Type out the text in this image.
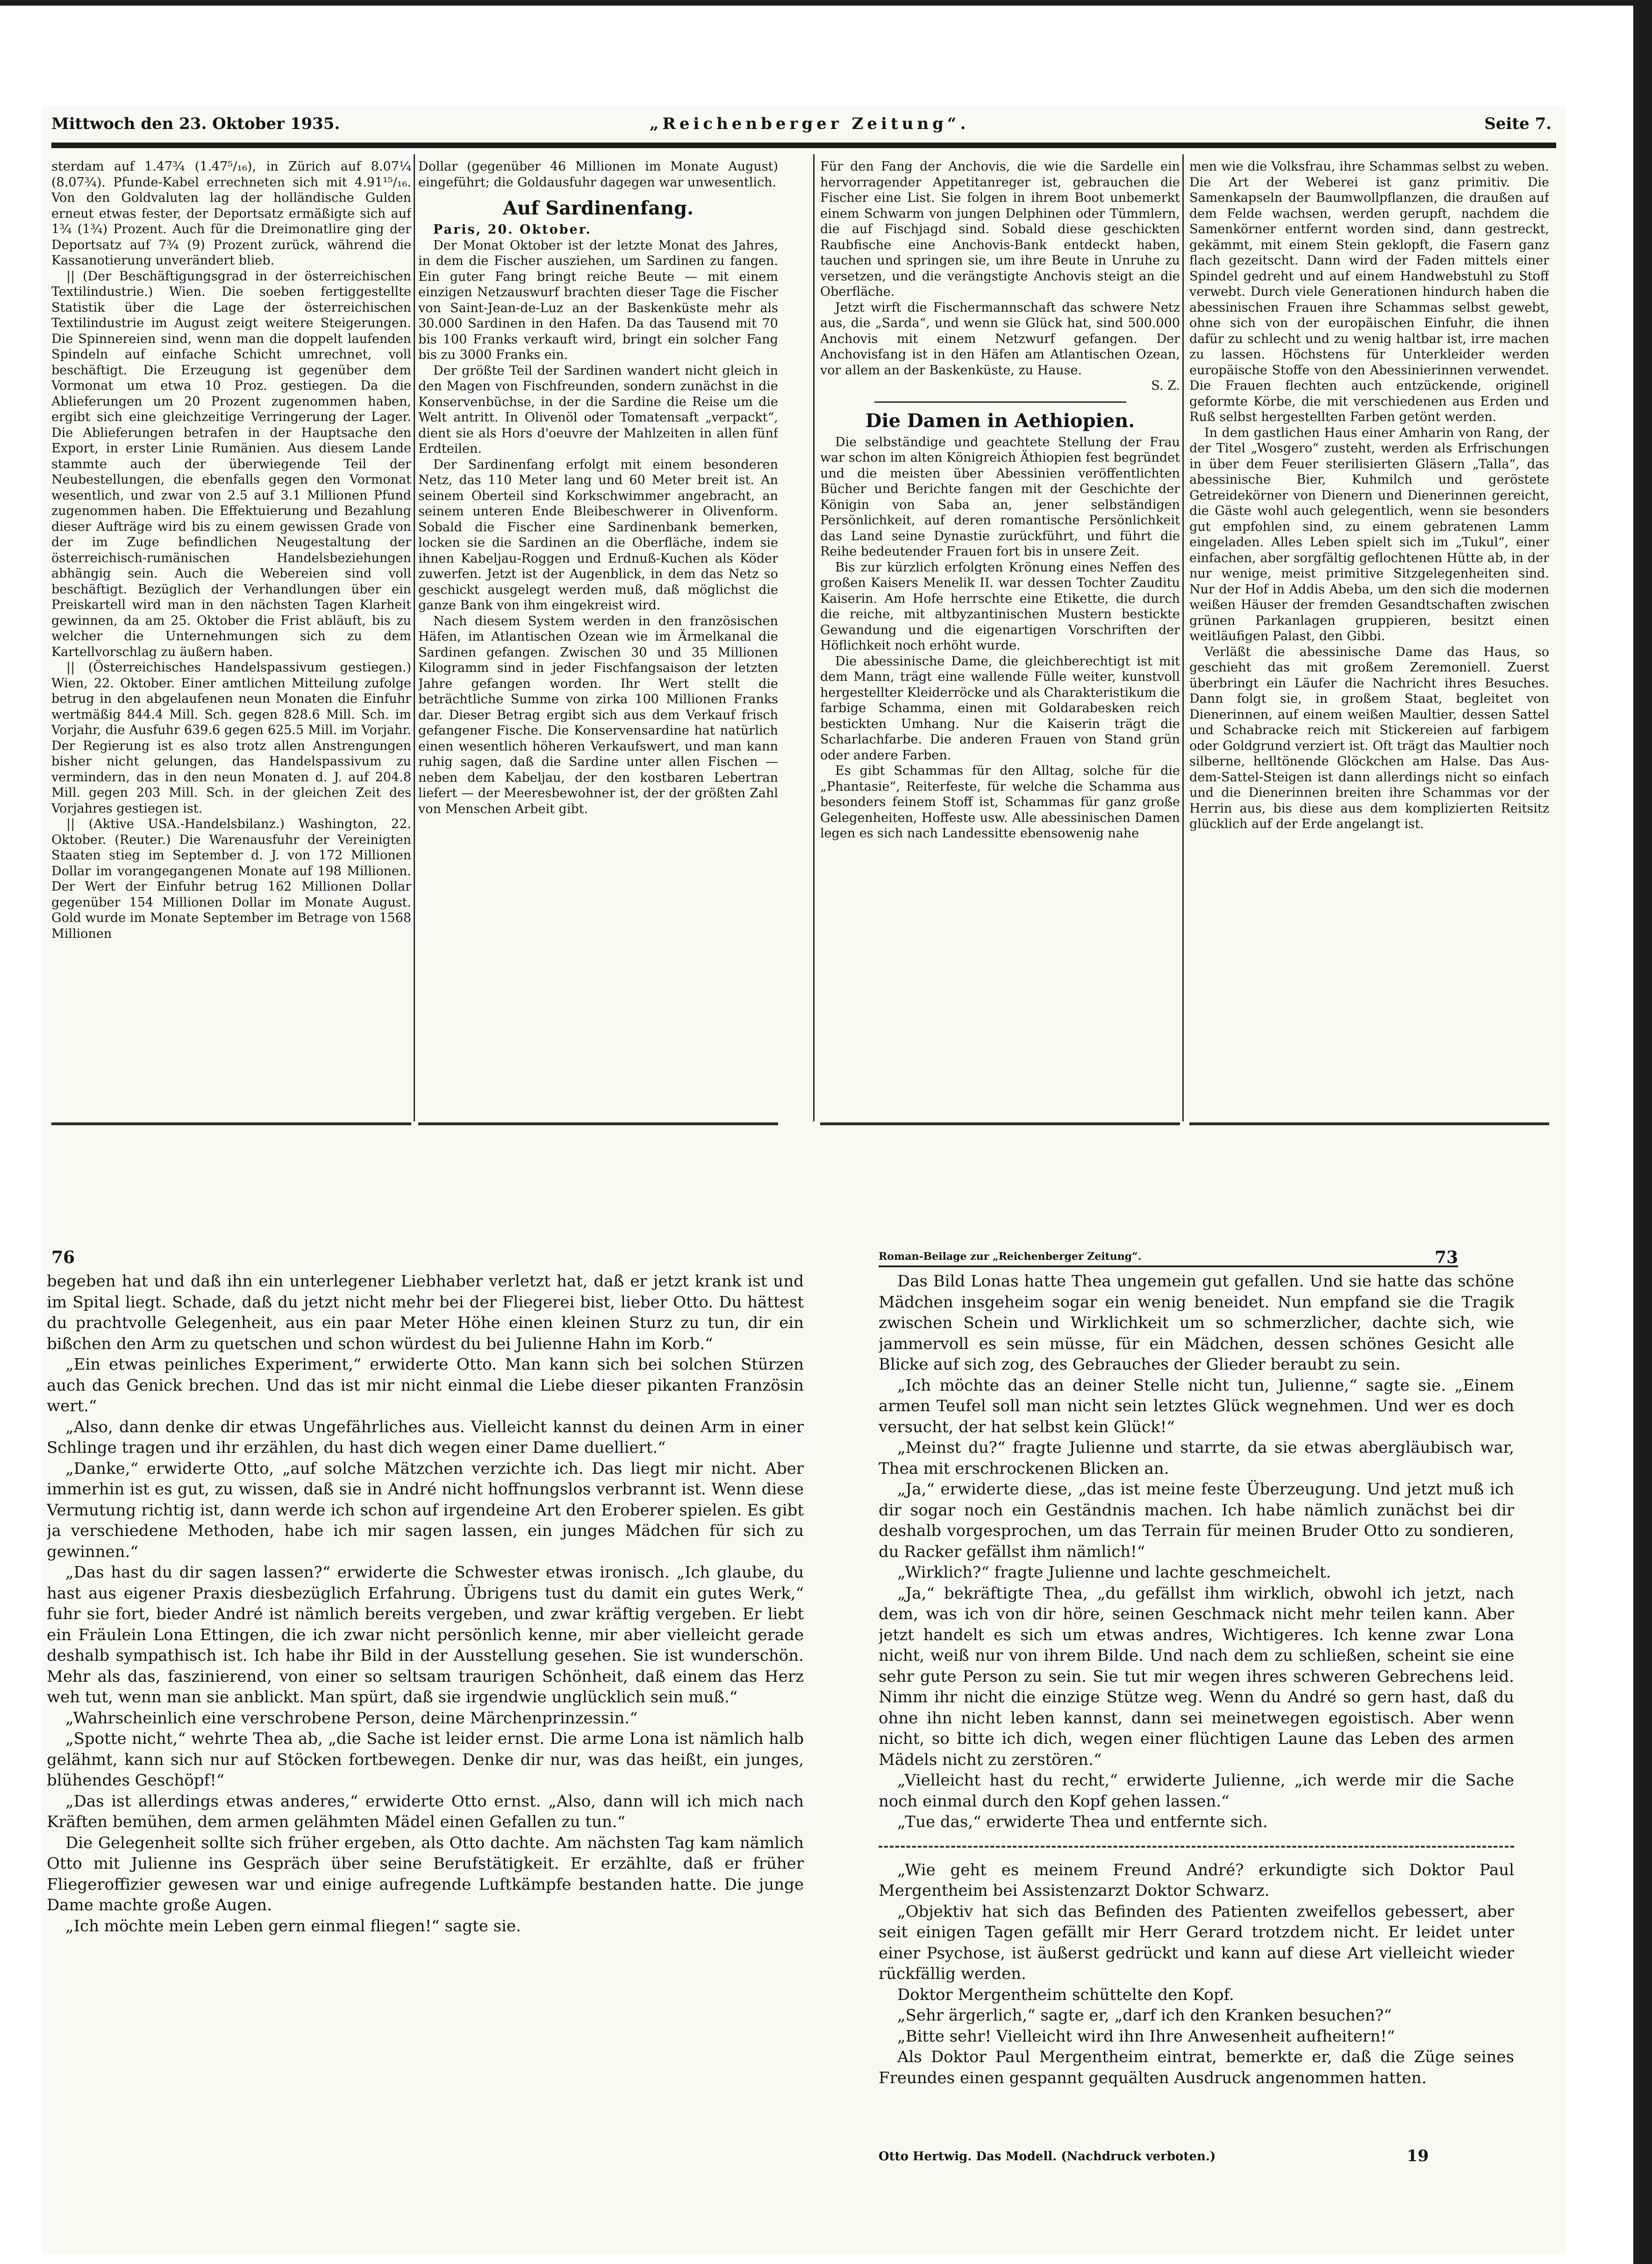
Mittwoch den 23. Oktober 1935.	„Reichenberger Zeitung“.	Seite 7.

sterdam auf 1.47¾ (1.47⁵/₁₆), in Zürich auf 8.07¼ (8.07¾). Pfunde-Kabel errechneten sich mit 4.91¹⁵/₁₆. Von den Goldvaluten lag der holländische Gulden erneut etwas fester, der Deportsatz ermäßigte sich auf 1¾ (1¾) Prozent. Auch für die Dreimonatlire ging der Deportsatz auf 7¾ (9) Prozent zurück, während die Kassanotierung unverändert blieb.

|| (Der Beschäftigungsgrad in der österreichischen Textilindustrie.) Wien. Die soeben fertiggestellte Statistik über die Lage der österreichischen Textilindustrie im August zeigt weitere Steigerungen. Die Spinnereien sind, wenn man die doppelt laufenden Spindeln auf einfache Schicht umrechnet, voll beschäftigt. Die Erzeugung ist gegenüber dem Vormonat um etwa 10 Proz. gestiegen. Da die Ablieferungen um 20 Prozent zugenommen haben, ergibt sich eine gleichzeitige Verringerung der Lager. Die Ablieferungen betrafen in der Hauptsache den Export, in erster Linie Rumänien. Aus diesem Lande stammte auch der überwiegende Teil der Neubestellungen, die ebenfalls gegen den Vormonat wesentlich, und zwar von 2.5 auf 3.1 Millionen Pfund zugenommen haben. Die Effektuierung und Bezahlung dieser Aufträge wird bis zu einem gewissen Grade von der im Zuge befindlichen Neugestaltung der österreichisch-rumänischen Handelsbeziehungen abhängig sein. Auch die Webereien sind voll beschäftigt. Bezüglich der Verhandlungen über ein Preiskartell wird man in den nächsten Tagen Klarheit gewinnen, da am 25. Oktober die Frist abläuft, bis zu welcher die Unternehmungen sich zu dem Kartellvorschlag zu äußern haben.

|| (Österreichisches Handelspassivum gestiegen.) Wien, 22. Oktober. Einer amtlichen Mitteilung zufolge betrug in den abgelaufenen neun Monaten die Einfuhr wertmäßig 844.4 Mill. Sch. gegen 828.6 Mill. Sch. im Vorjahr, die Ausfuhr 639.6 gegen 625.5 Mill. im Vorjahr. Der Regierung ist es also trotz allen Anstrengungen bisher nicht gelungen, das Handelspassivum zu vermindern, das in den neun Monaten d. J. auf 204.8 Mill. gegen 203 Mill. Sch. in der gleichen Zeit des Vorjahres gestiegen ist.

|| (Aktive USA.-Handelsbilanz.) Washington, 22. Oktober. (Reuter.) Die Warenausfuhr der Vereinigten Staaten stieg im September d. J. von 172 Millionen Dollar im vorangegangenen Monate auf 198 Millionen. Der Wert der Einfuhr betrug 162 Millionen Dollar gegenüber 154 Millionen Dollar im Monate August. Gold wurde im Monate September im Betrage von 1568 Millionen

Dollar (gegenüber 46 Millionen im Monate August) eingeführt; die Goldausfuhr dagegen war unwesentlich.

Auf Sardinenfang.

Paris, 20. Oktober.

Der Monat Oktober ist der letzte Monat des Jahres, in dem die Fischer ausziehen, um Sardinen zu fangen. Ein guter Fang bringt reiche Beute — mit einem einzigen Netzauswurf brachten dieser Tage die Fischer von Saint-Jean-de-Luz an der Baskenküste mehr als 30.000 Sardinen in den Hafen. Da das Tausend mit 70 bis 100 Franks verkauft wird, bringt ein solcher Fang bis zu 3000 Franks ein.

Der größte Teil der Sardinen wandert nicht gleich in den Magen von Fischfreunden, sondern zunächst in die Konservenbüchse, in der die Sardine die Reise um die Welt antritt. In Olivenöl oder Tomatensaft „verpackt“, dient sie als Hors d'oeuvre der Mahlzeiten in allen fünf Erdteilen.

Der Sardinenfang erfolgt mit einem besonderen Netz, das 110 Meter lang und 60 Meter breit ist. An seinem Oberteil sind Korkschwimmer angebracht, an seinem unteren Ende Bleibeschwerer in Olivenform. Sobald die Fischer eine Sardinenbank bemerken, locken sie die Sardinen an die Oberfläche, indem sie ihnen Kabeljau-Roggen und Erdnuß-Kuchen als Köder zuwerfen. Jetzt ist der Augenblick, in dem das Netz so geschickt ausgelegt werden muß, daß möglichst die ganze Bank von ihm eingekreist wird.

Nach diesem System werden in den französischen Häfen, im Atlantischen Ozean wie im Ärmelkanal die Sardinen gefangen. Zwischen 30 und 35 Millionen Kilogramm sind in jeder Fischfangsaison der letzten Jahre gefangen worden. Ihr Wert stellt die beträchtliche Summe von zirka 100 Millionen Franks dar. Dieser Betrag ergibt sich aus dem Verkauf frisch gefangener Fische. Die Konservensardine hat natürlich einen wesentlich höheren Verkaufswert, und man kann ruhig sagen, daß die Sardine unter allen Fischen — neben dem Kabeljau, der den kostbaren Lebertran liefert — der Meeresbewohner ist, der der größten Zahl von Menschen Arbeit gibt.

Für den Fang der Anchovis, die wie die Sardelle ein hervorragender Appetitanreger ist, gebrauchen die Fischer eine List. Sie folgen in ihrem Boot unbemerkt einem Schwarm von jungen Delphinen oder Tümmlern, die auf Fischjagd sind. Sobald diese geschickten Raubfische eine Anchovis-Bank entdeckt haben, tauchen und springen sie, um ihre Beute in Unruhe zu versetzen, und die verängstigte Anchovis steigt an die Oberfläche.

Jetzt wirft die Fischermannschaft das schwere Netz aus, die „Sarda“, und wenn sie Glück hat, sind 500.000 Anchovis mit einem Netzwurf gefangen. Der Anchovisfang ist in den Häfen am Atlantischen Ozean, vor allem an der Baskenküste, zu Hause.

S. Z.

Die Damen in Aethiopien.

Die selbständige und geachtete Stellung der Frau war schon im alten Königreich Äthiopien fest begründet und die meisten über Abessinien veröffentlichten Bücher und Berichte fangen mit der Geschichte der Königin von Saba an, jener selbständigen Persönlichkeit, auf deren romantische Persönlichkeit das Land seine Dynastie zurückführt, und führt die Reihe bedeutender Frauen fort bis in unsere Zeit.

Bis zur kürzlich erfolgten Krönung eines Neffen des großen Kaisers Menelik II. war dessen Tochter Zauditu Kaiserin. Am Hofe herrschte eine Etikette, die durch die reiche, mit altbyzantinischen Mustern bestickte Gewandung und die eigenartigen Vorschriften der Höflichkeit noch erhöht wurde.

Die abessinische Dame, die gleichberechtigt ist mit dem Mann, trägt eine wallende Fülle weiter, kunstvoll hergestellter Kleiderröcke und als Charakteristikum die farbige Schamma, einen mit Goldarabesken reich bestickten Umhang. Nur die Kaiserin trägt die Scharlachfarbe. Die anderen Frauen von Stand grün oder andere Farben.

Es gibt Schammas für den Alltag, solche für die „Phantasie“, Reiterfeste, für welche die Schamma aus besonders feinem Stoff ist, Schammas für ganz große Gelegenheiten, Hoffeste usw. Alle abessinischen Damen legen es sich nach Landessitte ebensowenig nahe

men wie die Volksfrau, ihre Schammas selbst zu weben. Die Art der Weberei ist ganz primitiv. Die Samenkapseln der Baumwollpflanzen, die draußen auf dem Felde wachsen, werden gerupft, nachdem die Samenkörner entfernt worden sind, dann gestreckt, gekämmt, mit einem Stein geklopft, die Fasern ganz flach gezeitscht. Dann wird der Faden mittels einer Spindel gedreht und auf einem Handwebstuhl zu Stoff verwebt. Durch viele Generationen hindurch haben die abessinischen Frauen ihre Schammas selbst gewebt, ohne sich von der europäischen Einfuhr, die ihnen dafür zu schlecht und zu wenig haltbar ist, irre machen zu lassen. Höchstens für Unterkleider werden europäische Stoffe von den Abessinierinnen verwendet. Die Frauen flechten auch entzückende, originell geformte Körbe, die mit verschiedenen aus Erden und Ruß selbst hergestellten Farben getönt werden.

In dem gastlichen Haus einer Amharin von Rang, der der Titel „Wosgero“ zusteht, werden als Erfrischungen in über dem Feuer sterilisierten Gläsern „Talla“, das abessinische Bier, Kuhmilch und geröstete Getreidekörner von Dienern und Dienerinnen gereicht, die Gäste wohl auch gelegentlich, wenn sie besonders gut empfohlen sind, zu einem gebratenen Lamm eingeladen. Alles Leben spielt sich im „Tukul“, einer einfachen, aber sorgfältig geflochtenen Hütte ab, in der nur wenige, meist primitive Sitzgelegenheiten sind. Nur der Hof in Addis Abeba, um den sich die modernen weißen Häuser der fremden Gesandtschaften zwischen grünen Parkanlagen gruppieren, besitzt einen weitläufigen Palast, den Gibbi.

Verläßt die abessinische Dame das Haus, so geschieht das mit großem Zeremoniell. Zuerst überbringt ein Läufer die Nachricht ihres Besuches. Dann folgt sie, in großem Staat, begleitet von Dienerinnen, auf einem weißen Maultier, dessen Sattel und Schabracke reich mit Stickereien auf farbigem oder Goldgrund verziert ist. Oft trägt das Maultier noch silberne, helltönende Glöckchen am Halse. Das Aus-dem-Sattel-Steigen ist dann allerdings nicht so einfach und die Dienerinnen breiten ihre Schammas vor der Herrin aus, bis diese aus dem komplizierten Reitsitz glücklich auf der Erde angelangt ist.

76	Roman-Beilage zur „Reichenberger Zeitung“.	73

begeben hat und daß ihn ein unterlegener Liebhaber verletzt hat, daß er jetzt krank ist und im Spital liegt. Schade, daß du jetzt nicht mehr bei der Fliegerei bist, lieber Otto. Du hättest du prachtvolle Gelegenheit, aus ein paar Meter Höhe einen kleinen Sturz zu tun, dir ein bißchen den Arm zu quetschen und schon würdest du bei Julienne Hahn im Korb.“

„Ein etwas peinliches Experiment,“ erwiderte Otto. Man kann sich bei solchen Stürzen auch das Genick brechen. Und das ist mir nicht einmal die Liebe dieser pikanten Französin wert.“

„Also, dann denke dir etwas Ungefährliches aus. Vielleicht kannst du deinen Arm in einer Schlinge tragen und ihr erzählen, du hast dich wegen einer Dame duelliert.“

„Danke,“ erwiderte Otto, „auf solche Mätzchen verzichte ich. Das liegt mir nicht. Aber immerhin ist es gut, zu wissen, daß sie in André nicht hoffnungslos verbrannt ist. Wenn diese Vermutung richtig ist, dann werde ich schon auf irgendeine Art den Eroberer spielen. Es gibt ja verschiedene Methoden, habe ich mir sagen lassen, ein junges Mädchen für sich zu gewinnen.“

„Das hast du dir sagen lassen?“ erwiderte die Schwester etwas ironisch. „Ich glaube, du hast aus eigener Praxis diesbezüglich Erfahrung. Übrigens tust du damit ein gutes Werk,“ fuhr sie fort, bieder André ist nämlich bereits vergeben, und zwar kräftig vergeben. Er liebt ein Fräulein Lona Ettingen, die ich zwar nicht persönlich kenne, mir aber vielleicht gerade deshalb sympathisch ist. Ich habe ihr Bild in der Ausstellung gesehen. Sie ist wunderschön. Mehr als das, faszinierend, von einer so seltsam traurigen Schönheit, daß einem das Herz weh tut, wenn man sie anblickt. Man spürt, daß sie irgendwie unglücklich sein muß.“

„Wahrscheinlich eine verschrobene Person, deine Märchenprinzessin.“

„Spotte nicht,“ wehrte Thea ab, „die Sache ist leider ernst. Die arme Lona ist nämlich halb gelähmt, kann sich nur auf Stöcken fortbewegen. Denke dir nur, was das heißt, ein junges, blühendes Geschöpf!“

„Das ist allerdings etwas anderes,“ erwiderte Otto ernst. „Also, dann will ich mich nach Kräften bemühen, dem armen gelähmten Mädel einen Gefallen zu tun.“

Die Gelegenheit sollte sich früher ergeben, als Otto dachte. Am nächsten Tag kam nämlich Otto mit Julienne ins Gespräch über seine Berufstätigkeit. Er erzählte, daß er früher Fliegeroffizier gewesen war und einige aufregende Luftkämpfe bestanden hatte. Die junge Dame machte große Augen.

„Ich möchte mein Leben gern einmal fliegen!“ sagte sie.

Das Bild Lonas hatte Thea ungemein gut gefallen. Und sie hatte das schöne Mädchen insgeheim sogar ein wenig beneidet. Nun empfand sie die Tragik zwischen Schein und Wirklichkeit um so schmerzlicher, dachte sich, wie jammervoll es sein müsse, für ein Mädchen, dessen schönes Gesicht alle Blicke auf sich zog, des Gebrauches der Glieder beraubt zu sein.

„Ich möchte das an deiner Stelle nicht tun, Julienne,“ sagte sie. „Einem armen Teufel soll man nicht sein letztes Glück wegnehmen. Und wer es doch versucht, der hat selbst kein Glück!“

„Meinst du?“ fragte Julienne und starrte, da sie etwas abergläubisch war, Thea mit erschrockenen Blicken an.

„Ja,“ erwiderte diese, „das ist meine feste Überzeugung. Und jetzt muß ich dir sogar noch ein Geständnis machen. Ich habe nämlich zunächst bei dir deshalb vorgesprochen, um das Terrain für meinen Bruder Otto zu sondieren, du Racker gefällst ihm nämlich!“

„Wirklich?“ fragte Julienne und lachte geschmeichelt.

„Ja,“ bekräftigte Thea, „du gefällst ihm wirklich, obwohl ich jetzt, nach dem, was ich von dir höre, seinen Geschmack nicht mehr teilen kann. Aber jetzt handelt es sich um etwas andres, Wichtigeres. Ich kenne zwar Lona nicht, weiß nur von ihrem Bilde. Und nach dem zu schließen, scheint sie eine sehr gute Person zu sein. Sie tut mir wegen ihres schweren Gebrechens leid. Nimm ihr nicht die einzige Stütze weg. Wenn du André so gern hast, daß du ohne ihn nicht leben kannst, dann sei meinetwegen egoistisch. Aber wenn nicht, so bitte ich dich, wegen einer flüchtigen Laune das Leben des armen Mädels nicht zu zerstören.“

„Vielleicht hast du recht,“ erwiderte Julienne, „ich werde mir die Sache noch einmal durch den Kopf gehen lassen.“

„Tue das,“ erwiderte Thea und entfernte sich.

„Wie geht es meinem Freund André? erkundigte sich Doktor Paul Mergentheim bei Assistenzarzt Doktor Schwarz.

„Objektiv hat sich das Befinden des Patienten zweifellos gebessert, aber seit einigen Tagen gefällt mir Herr Gerard trotzdem nicht. Er leidet unter einer Psychose, ist äußerst gedrückt und kann auf diese Art vielleicht wieder rückfällig werden.

Doktor Mergentheim schüttelte den Kopf.

„Sehr ärgerlich,“ sagte er, „darf ich den Kranken besuchen?“

„Bitte sehr! Vielleicht wird ihn Ihre Anwesenheit aufheitern!“

Als Doktor Paul Mergentheim eintrat, bemerkte er, daß die Züge seines Freundes einen gespannt gequälten Ausdruck angenommen hatten.

Otto Hertwig. Das Modell. (Nachdruck verboten.)	19
